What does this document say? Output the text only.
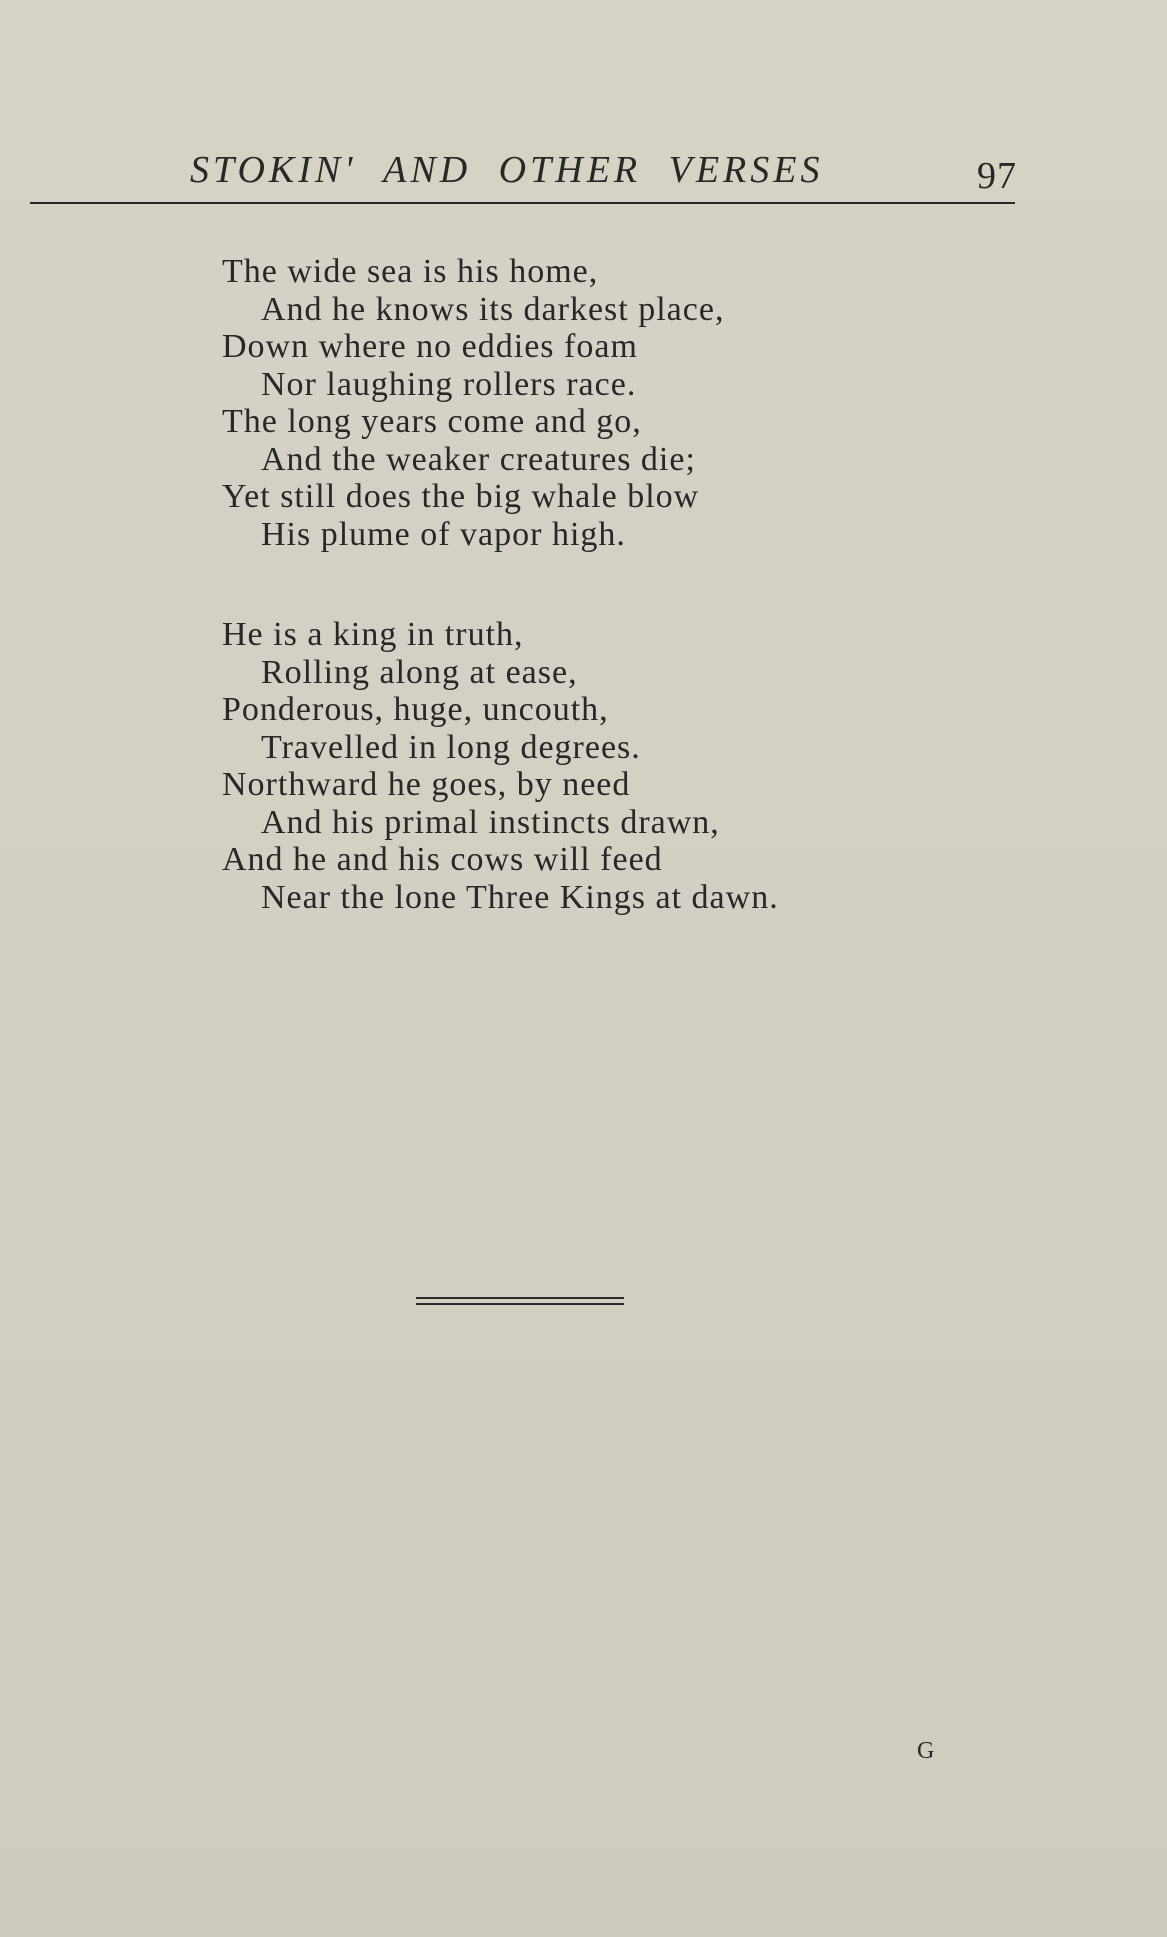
STOKIN' AND OTHER VERSES	97
The wide sea is his home,
And he knows its darkest place,
Down where no eddies foam
Nor laughing rollers race.
The long years come and go,
And the weaker creatures die;
Yet still does the big whale blow
His plume of vapor high.
He is a king in truth,
Rolling along at ease,
Ponderous, huge, uncouth,
Travelled in long degrees.
Northward he goes, by need
And his primal instincts drawn,
And he and his cows will feed
Near the lone Three Kings at dawn.
G
